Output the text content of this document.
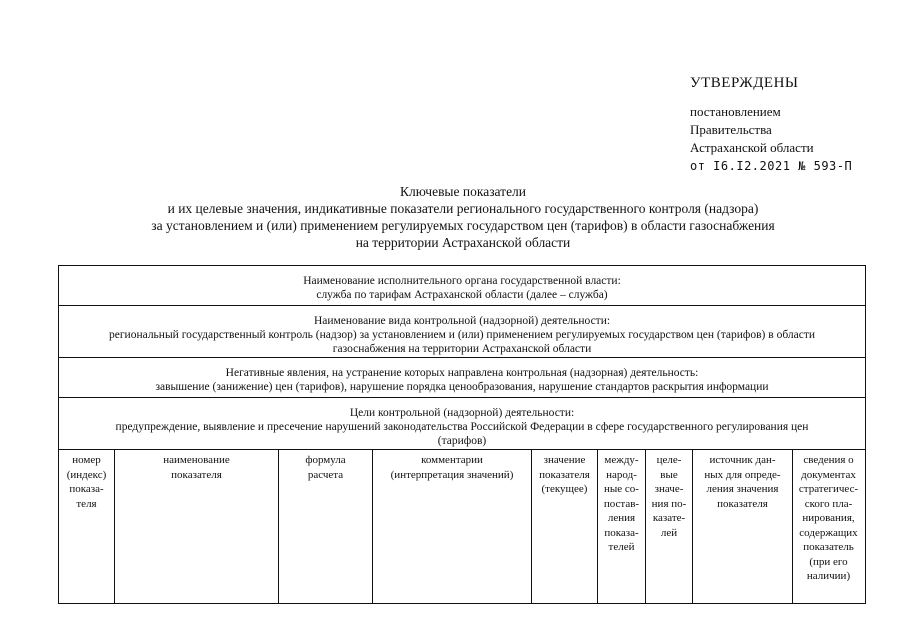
УТВЕРЖДЕНЫ
постановлением
Правительства
Астраханской области
от I6.I2.2021 № 593-П
Ключевые показатели
и их целевые значения, индикативные показатели регионального государственного контроля (надзора)
за установлением и (или) применением регулируемых государством цен (тарифов) в области газоснабжения
на территории Астраханской области
Наименование исполнительного органа государственной власти:
служба по тарифам Астраханской области (далее – служба)
Наименование вида контрольной (надзорной) деятельности:
региональный государственный контроль (надзор) за установлением и (или) применением регулируемых государством цен (тарифов) в области
газоснабжения на территории Астраханской области
Негативные явления, на устранение которых направлена контрольная (надзорная) деятельность:
завышение (занижение) цен (тарифов), нарушение порядка ценообразования, нарушение стандартов раскрытия информации
Цели контрольной (надзорной) деятельности:
предупреждение, выявление и пресечение нарушений законодательства Российской Федерации в сфере государственного регулирования цен
(тарифов)
номер
(индекс)
показа-
теля
наименование
показателя
формула
расчета
комментарии
(интерпретация значений)
значение
показателя
(текущее)
между-
народ-
ные со-
постав-
ления
показа-
телей
целе-
вые
значе-
ния по-
казате-
лей
источник дан-
ных для опреде-
ления значения
показателя
сведения о
документах
стратегичес-
ского пла-
нирования,
содержащих
показатель
(при его
наличии)
